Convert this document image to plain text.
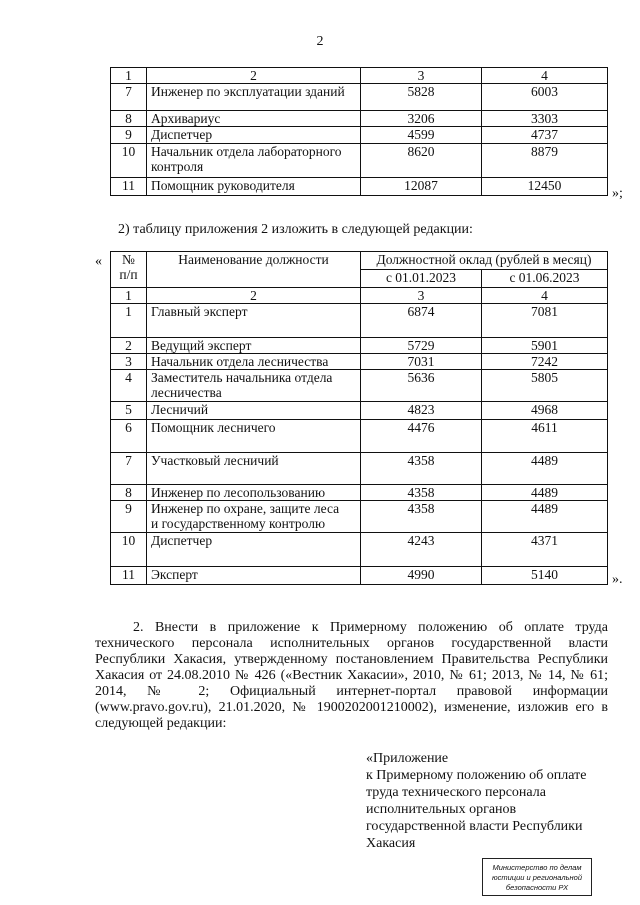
2
1	2	3	4
7	Инженер по эксплуатации зданий	5828	6003
8	Архивариус	3206	3303
9	Диспетчер	4599	4737
10	Начальник отдела лабораторного
контроля	8620	8879
11	Помощник руководителя	12087	12450
»;
2) таблицу приложения 2 изложить в следующей редакции:
«	№
п/п	Наименование должности	Должностной оклад (рублей в месяц)	
		с 01.01.2023	с 01.06.2023
1	2	3	4
1	Главный эксперт	6874	7081
2	Ведущий эксперт	5729	5901
3	Начальник отдела лесничества	7031	7242
4	Заместитель начальника отдела
лесничества	5636	5805
5	Лесничий	4823	4968
6	Помощник лесничего	4476	4611
7	Участковый лесничий	4358	4489
8	Инженер по лесопользованию	4358	4489
9	Инженер по охране, защите леса
и государственному контролю	4358	4489
10	Диспетчер	4243	4371
11	Эксперт	4990	5140	».
2. Внести в приложение к Примерному положению об оплате труда
технического персонала исполнительных органов государственной власти
Республики Хакасия, утвержденному постановлением Правительства Республики
Хакасия от 24.08.2010 № 426 («Вестник Хакасии», 2010, № 61; 2013, № 14, № 61;
2014, № 2; Официальный интернет-портал правовой информации
(www.pravo.gov.ru), 21.01.2020, № 1900202001210002), изменение, изложив его в
следующей редакции:
«Приложение
к Примерному положению об оплате
труда технического персонала
исполнительных органов
государственной власти Республики
Хакасия
Министерство по делам
юстиции и региональной
безопасности РХ
